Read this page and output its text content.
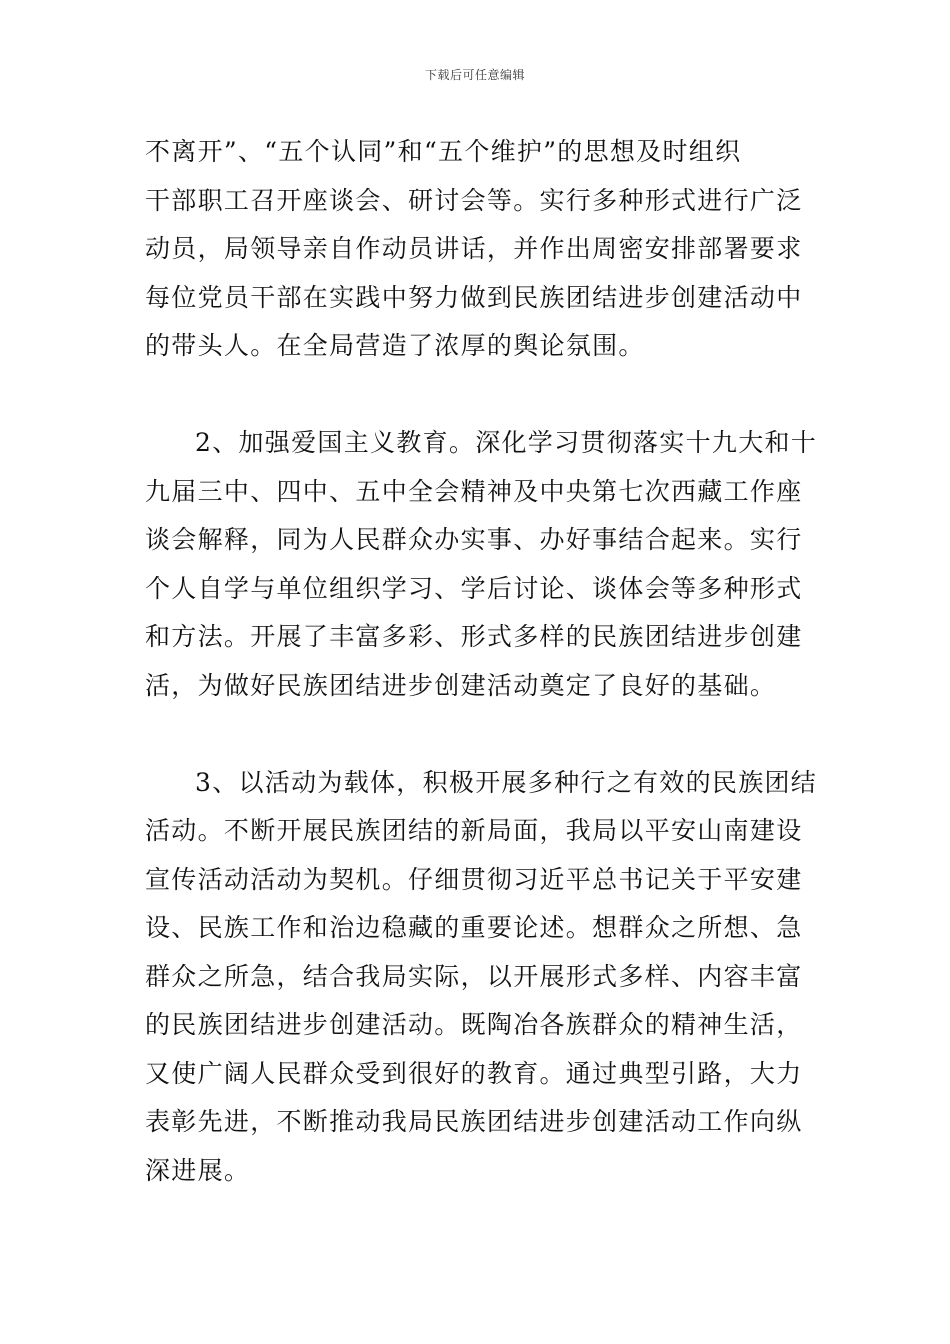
下载后可任意编辑
不离开”、“五个认同”和“五个维护”的思想及时组织
干部职工召开座谈会、研讨会等。实行多种形式进行广泛
动员，局领导亲自作动员讲话，并作出周密安排部署要求
每位党员干部在实践中努力做到民族团结进步创建活动中
的带头人。在全局营造了浓厚的舆论氛围。
2、加强爱国主义教育。深化学习贯彻落实十九大和十
九届三中、四中、五中全会精神及中央第七次西藏工作座
谈会解释，同为人民群众办实事、办好事结合起来。实行
个人自学与单位组织学习、学后讨论、谈体会等多种形式
和方法。开展了丰富多彩、形式多样的民族团结进步创建
活，为做好民族团结进步创建活动奠定了良好的基础。
3、以活动为载体，积极开展多种行之有效的民族团结
活动。不断开展民族团结的新局面，我局以平安山南建设
宣传活动活动为契机。仔细贯彻习近平总书记关于平安建
设、民族工作和治边稳藏的重要论述。想群众之所想、急
群众之所急，结合我局实际，以开展形式多样、内容丰富
的民族团结进步创建活动。既陶冶各族群众的精神生活，
又使广阔人民群众受到很好的教育。通过典型引路，大力
表彰先进，不断推动我局民族团结进步创建活动工作向纵
深进展。
